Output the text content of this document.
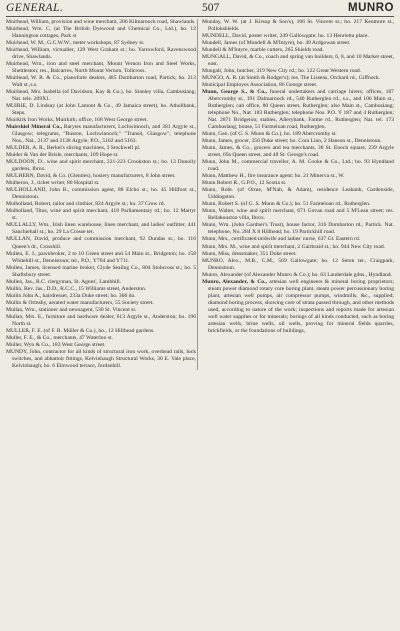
GENERAL.	507	MUNRO

Muirhead, William, provision and wine merchant, 206 Kilmarnock road, Shawlands.

Muirhead, Wm. C. (at The British Dyewood and Chemical Co., Ltd.), ho. 12 Hannington cottages, Park st

Muirhead, W. M., G.C.W.W., meter workshops, 87 Sydney st.

Muirhead, William, victualler, 129 West Graham st.; ho. Yarrowford, Ravenswood drive, Shawlands.

Muirhead, Wm., iron and steel merchant, Mount Vernon Iron and Steel Works, Shettleston; res., Balcarres, North Mount Vernon, Tollcross.

Muirhead, W. R. & Co., pianoforte dealers, 485 Dumbarton road, Partick; ho. 213 Walt st.,s.s.

Muirhead, Mrs. Isabella (of Davidson, Kay & Co.), ho. Stanley villa, Cambuslang; Nat. tele. 209X1.

MUIRIE, D. Lindsay (at John Lamont & Co., 49 Jamaica street), ho. Athollbank, Steps.

Muirkirk Iron Works, Muirkirk; office, 168 West George street.

Muirshiel Mineral Co., Barytes manufacturers, Lochwinnoch, and 381 Argyle st., Glasgow; telegrams, "Ruston, Lochwinnoch;" "Transit, Glasgow"; telephone Nos., Nat., 2137 and 2138 Argyle; P.O., 5162 and 5163.

MULDER, A. R., Berkel's slicing machines, 3 Stockwell pl.

Mulder & Van der Brisle, merchants, 109 Hope st.

MULDOON, D., wine and spirit merchant, 221-223 Crookston st.; ho. 13 Dunolly gardens, Ibrox.

MULHERN, David, & Co. (Glenties), hosiery manufacturers, 8 John street.

Mulheron, J., ticket writer, 80 Hospital st.

MULHOLLAND, John B., commission agent, 88 Elcho st.; ho. 45 Hillfoot st., Dennistoun.

Mulholland, Robert, tailor and clothier, 824 Argyle st.; ho. 37 Crow rd.

Mulholland, Titus, wine and spirit merchant, 418 Parliamentary rd.; ho. 12 Martyr st.

MULLALLY, Wm., Irish linen warehouse, linen merchant, and ladies' outfitter, 441 Sauchiehall st.; ho. 29 La Crosse ter.

MULLAN, David, produce and commission merchant, 92 Dundas st.; ho. 116 Queen's dr., Crosshill.

Mullen, E. J., pawnbroker, 2 to 10 Green street and 54 Main st., Bridgeton; ho. 158 Whitehill st., Dennistoun; tel., P.O., Y704 and Y711.

Mullen, James, licensed marine broker, Clyde Sealing Co., 804 Stobcross st.; ho. 5 Shaftsbury street.

Mullen, Jas., R.C. clergyman, St. Agnes', Lambhill.

Mullin, Rev. Jas., D.D., R.C.C., 15 Williams street, Anderston.

Mullin John A., hairdresser, 233a Duke street; ho. 366 do.

Mullin & Ormsby, aerated water manufacturers, 55 Society street.

Mullan, Wm., stationer and newsagent, 530 St. Vincent st.

Mullan, Mrs. E., furniture and hardware dealer, 613 Argyle st., Anderston; ho. 196 North st.

MULLER, F. E. (of F. R. Müller & Co.), ho., 12 Hillhead gardens.

Muller, F. E., & Co., merchants, 47 Waterloo st.

Muller, Wyn & Co., 183 West George street.

MUNDY, John, contractor for all kinds of structural iron work, overhead rails, lock switches, and abbattoir fittings, Kelvinhaugh Structural Works, 30 E. Vale place, Kelvinhaugh; ho. 6 Elmwood terrace, Jordanhill.

Munday, W. W. (at J. Kirsop & Son's), 106 St. Vincent st.; ho. 217 Kenmure st., Pollokshields.

MUNDELL, David, poster writer, 249 Gallowgate; ho. 13 Henrietta place.

Mundell, James (of Mundell & M'Intyre), ho. 49 Ardgowan street.

Mundell & M'Intyre, marble cutters, 265 Shields road.

MUNGALL, David, & Co., coach and spring van builders, 6, 8, and 10 Market street, east.

Mungall, John, butcher, 319 New City rd.; ho. 122 Great Western road.

MUNGO, A. R. (at Smith & Rodger's); res. The Lissens, Orchard rd., Giffnock.

Municipal Employes Association, 86 George street.

Munn, George S., & Co., funeral undertakers and carriage hirers; offices, 187 Abercromby st., 191 Dalmarnock rd., 540 Rutherglen rd., s.s., and 106 Main st., Rutherglen; cab office, 80 Queen street, Rutherglen; also Main st., Cambuslang; telephone No., Nat. 183 Rutherglen; telephone Nos. P.O. Y 187 and 4 Rutherglen; Nat. 2871 Bridgeton; stables, Allerybank, Farme rd., Rutherglen; Nat. tel. 173 Cambuslang; house, 51 Farmeloan road, Rutherglen.

Munn, Geo. (of G. S. Munn & Co.), ho. 189 Abercromby st.

Munn, James, grocer, 356 Duke street; ho. Cora Linn, 2 Hanson st., Dennistoun.

Munn, James, & Co., grocers and tea merchants, 38 St. Enoch square, 239 Argyle street, 69a Queen street, and 48 St. George's road.

Munn, John M., commercial traveller, A. M. Cooke & Co., Ltd.; ho. 93 Hyndland road.

Munn, Matthew H., fire insurance agent; ho. 21 Minerva st., W.

Munn Robert R., G.P.O., 12 Scotia st.

Munn, Robt. (of Orme, M'Nab, & Adam), residence Leabank, Gardenside, Uddingston.

Munn, Robert S. (of G. S. Munn & Co.); ho. 51 Farmeloan rd., Rutherglen.

Munn, Walter, wine and spirit merchant, 671 Govan road and 5 M'Lean street; res. Bellahouston villa, Ibrox.

Munn, Wm. (John Gardner's Trust), house factor, 316 Dumbarton rd., Partick. Nat. telephone, No. 284 X 8 Hillhead; ho. 19 Partickhill road.

Munn, Mrs., certificated midwife and ladies' nurse, 637 Gt. Eastern rd.

Munn, Mrs. M., wine and spirit merchant, 2 Gairbraid st.; ho. 944 New City road.

Munn, Miss, dressmaker, 351 Duke street.

MUNRO, Alex., M.B., C.M., 569 Gallowgate; ho. 12 Seton ter., Craigpark, Dennistoun.

Munro, Alexander (of Alexander Munro & Co.); ho. 63 Lauderdale gdns., Hyndland.

Munro, Alexander, & Co., artesian well engineers & mineral boring proprietors; steam power diamond rotary core boring plant, steam power percussionary boring plant, artesian well pumps, air compressor pumps, windmills, &c., supplied; diamond boring process, showing core of strata passed through, and other methods used, according to nature of the work; inspections and reports made for artesian well water supplies or for minerals; borings of all kinds conducted, such as boring artesian wells, brine wells, oil wells, proving for mineral fields quarries, brickfields, or the foundations of buildings,
